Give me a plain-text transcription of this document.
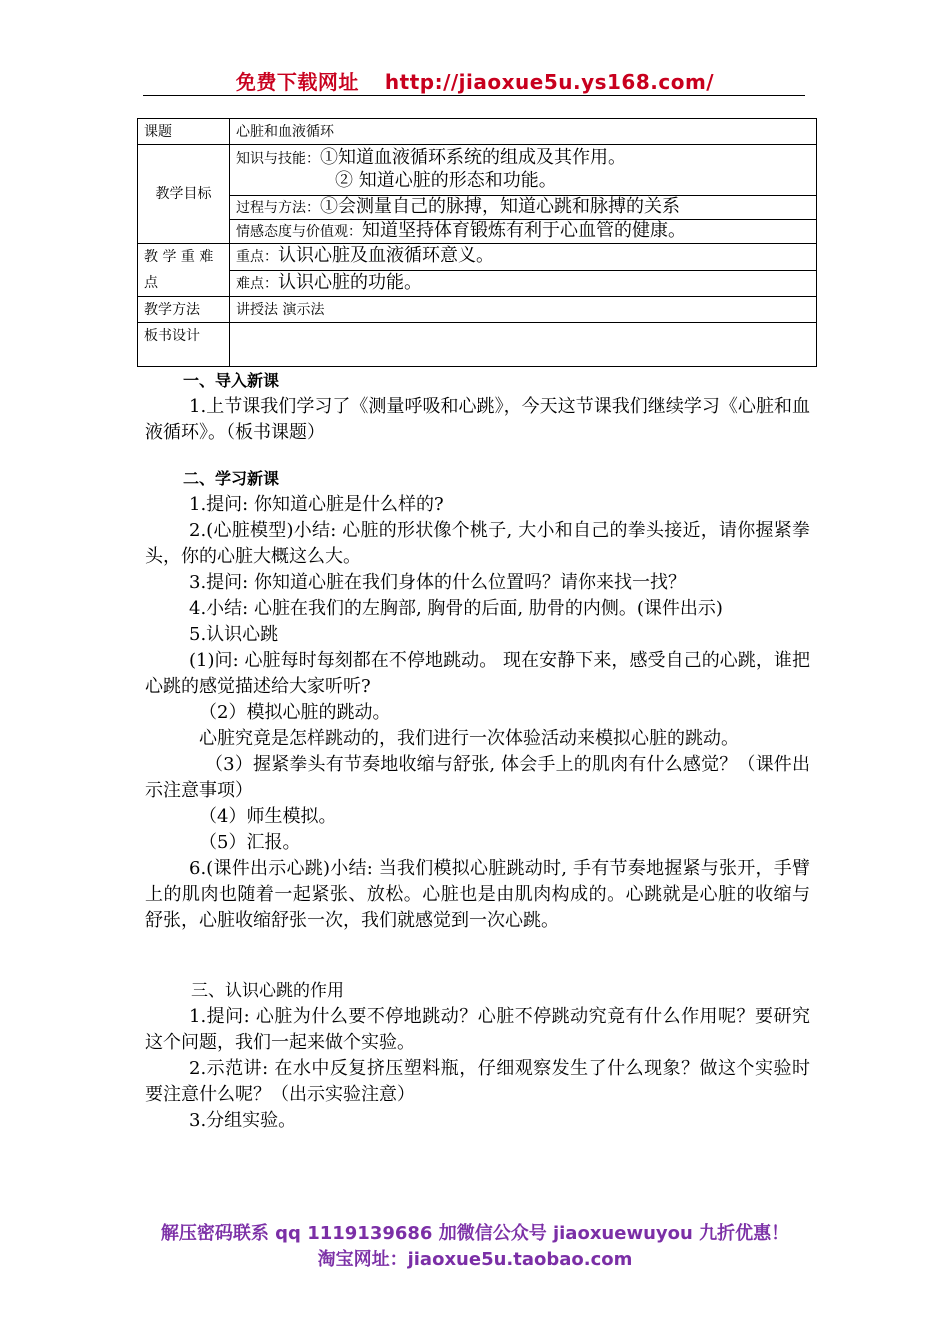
免费下载网址 http://jiaoxue5u.ys168.com/
课题	心脏和血液循环
教学目标	知识与技能：①知道血液循环系统的组成及其作用。
② 知道心脏的形态和功能。

	过程与方法：①会测量自己的脉搏，知道心跳和脉搏的关系
	情感态度与价值观：知道坚持体育锻炼有利于心血管的健康。

教 学 重 难
点	重点：认识心脏及血液循环意义。
	难点：认识心脏的功能。
教学方法	讲授法 演示法
板书设计	

一、导入新课

1.上节课我们学习了《测量呼吸和心跳》，今天这节课我们继续学习《心脏和血液循环》。（板书课题）

二、学习新课

1.提问: 你知道心脏是什么样的?

2.(心脏模型)小结: 心脏的形状像个桃子, 大小和自己的拳头接近，请你握紧拳头，你的心脏大概这么大。

3.提问: 你知道心脏在我们身体的什么位置吗？请你来找一找？

4.小结: 心脏在我们的左胸部, 胸骨的后面, 肋骨的内侧。(课件出示)

5.认识心跳

(1)问: 心脏每时每刻都在不停地跳动。 现在安静下来，感受自己的心跳，谁把心跳的感觉描述给大家听听?

（2）模拟心脏的跳动。

心脏究竟是怎样跳动的，我们进行一次体验活动来模拟心脏的跳动。

（3）握紧拳头有节奏地收缩与舒张, 体会手上的肌肉有什么感觉？（课件出示注意事项）

（4）师生模拟。

（5）汇报。

6.(课件出示心跳)小结: 当我们模拟心脏跳动时, 手有节奏地握紧与张开，手臂上的肌肉也随着一起紧张、放松。心脏也是由肌肉构成的。心跳就是心脏的收缩与舒张，心脏收缩舒张一次，我们就感觉到一次心跳。

三、认识心跳的作用

1.提问: 心脏为什么要不停地跳动？心脏不停跳动究竟有什么作用呢？要研究这个问题，我们一起来做个实验。

2.示范讲: 在水中反复挤压塑料瓶，仔细观察发生了什么现象？做这个实验时要注意什么呢？（出示实验注意）

3.分组实验。

解压密码联系 qq 1119139686 加微信公众号 jiaoxuewuyou 九折优惠！
淘宝网址：jiaoxue5u.taobao.com
